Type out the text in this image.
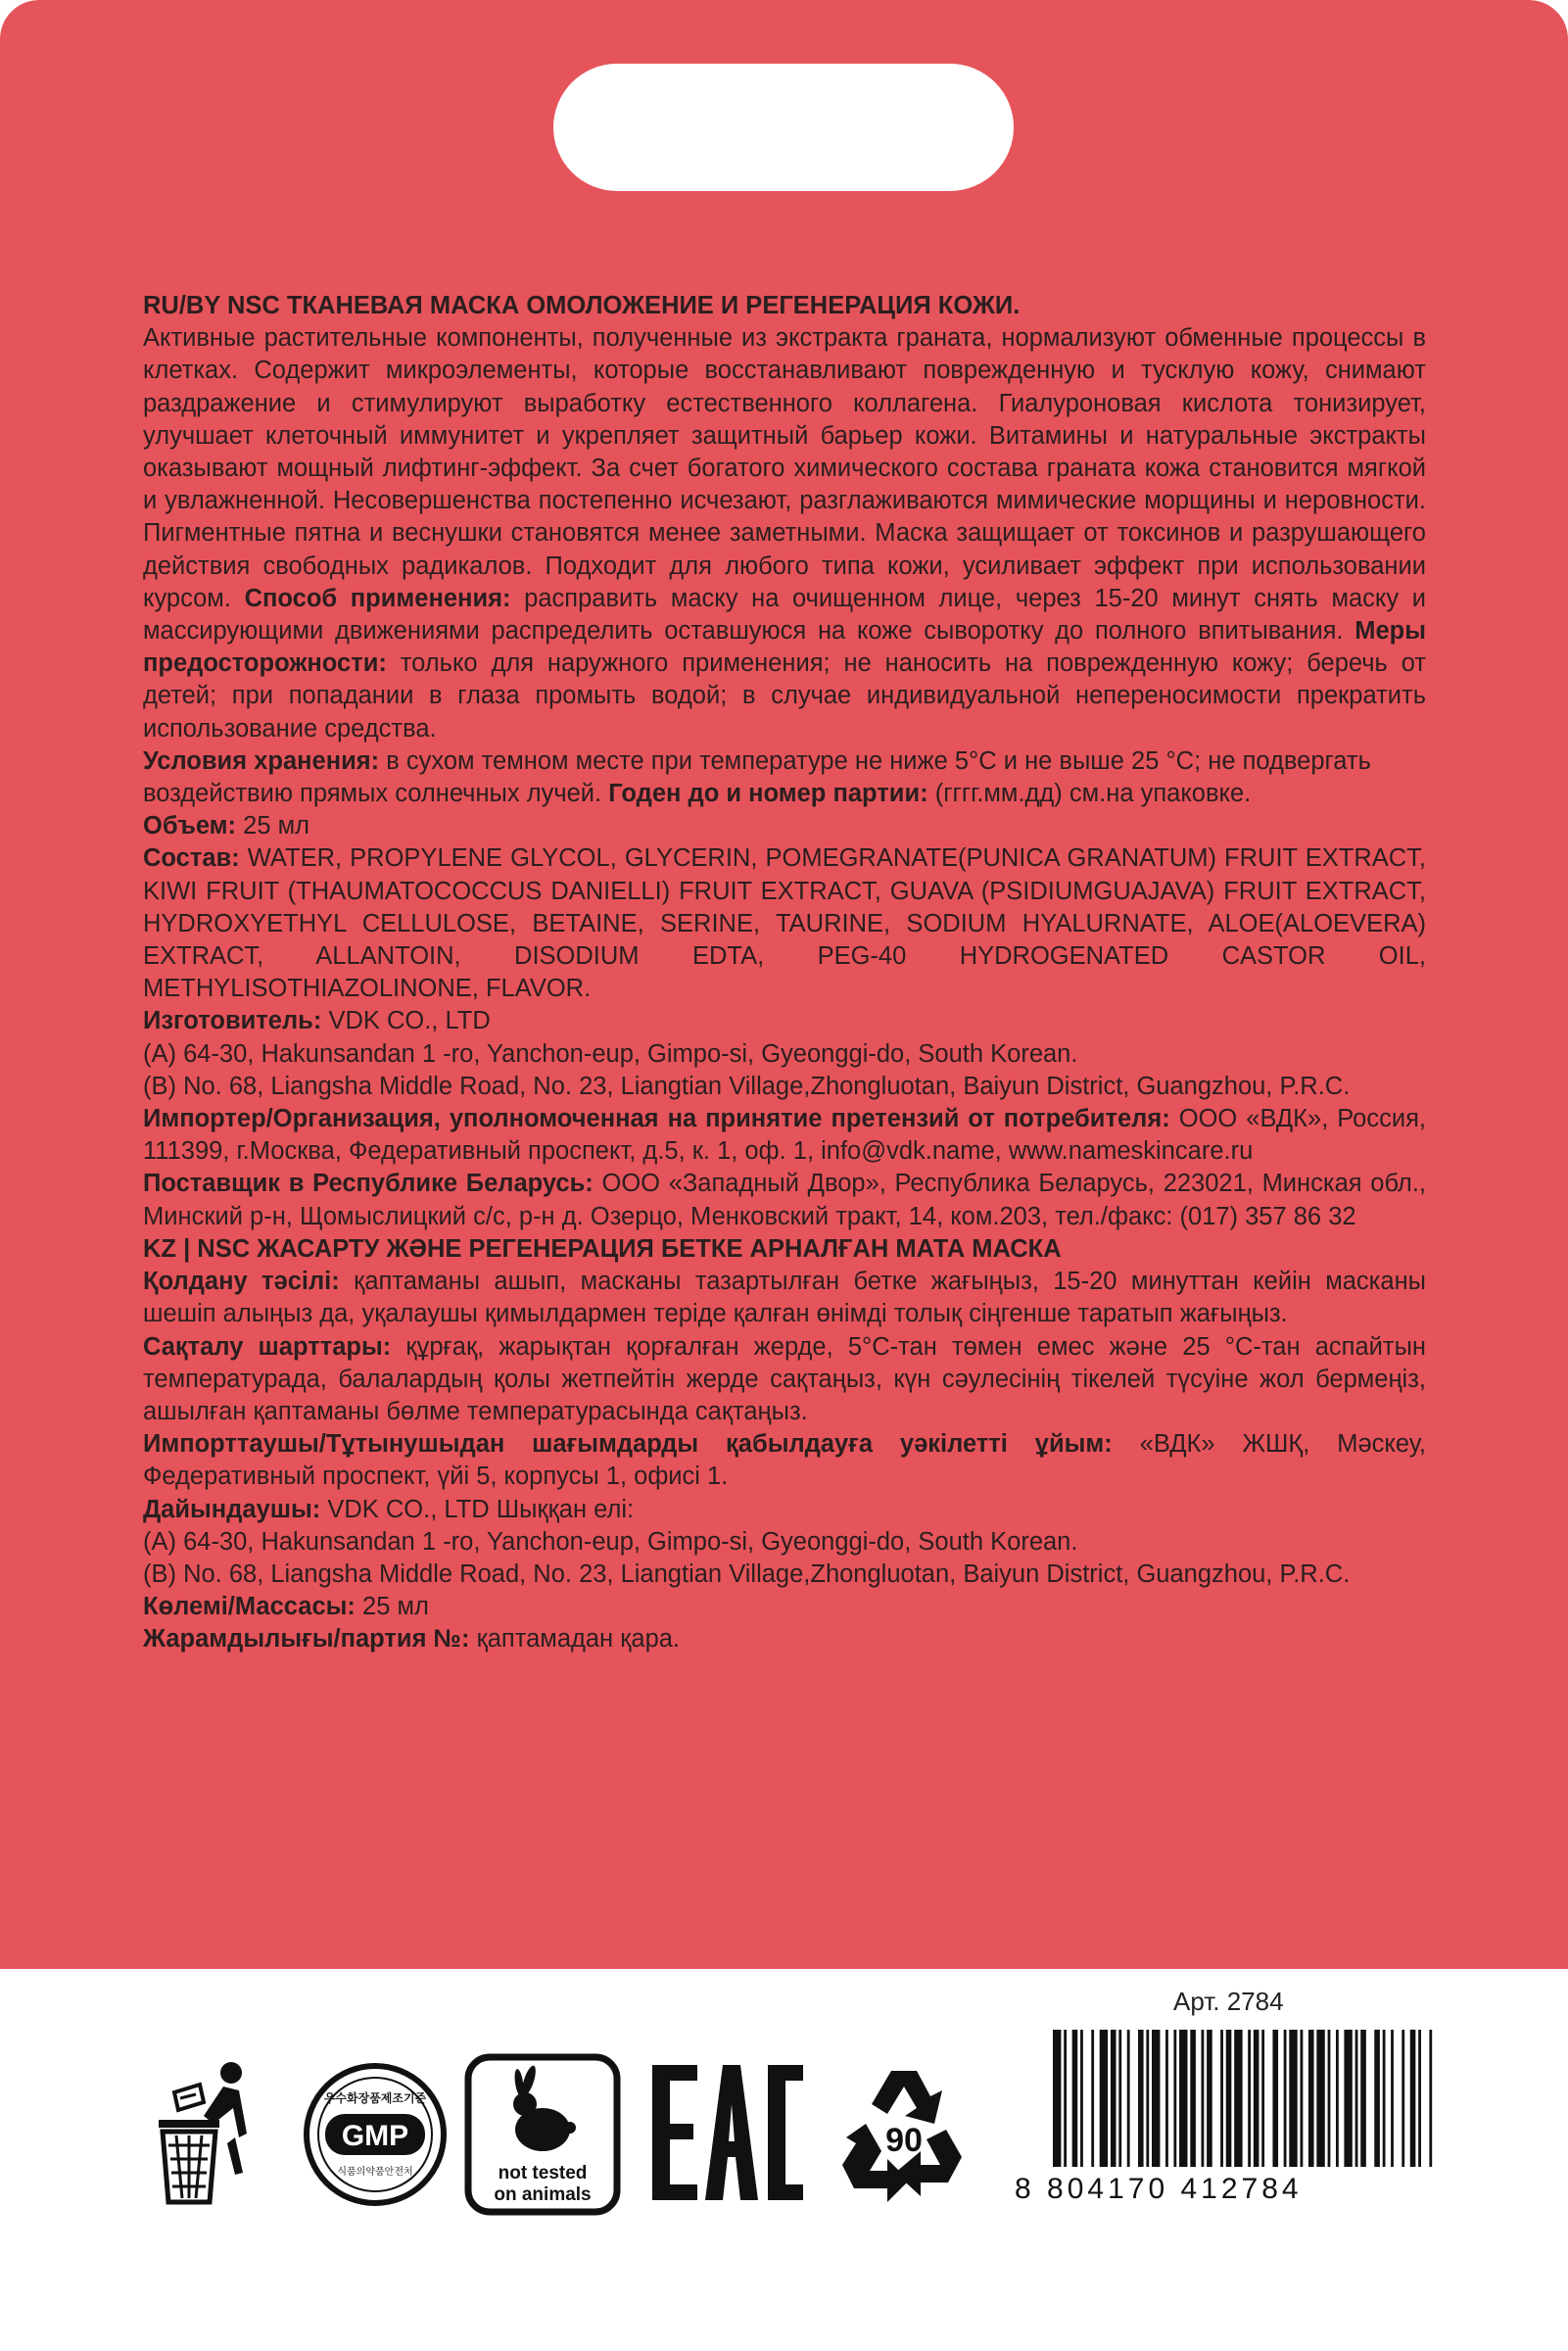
RU/BY NSC ТКАНЕВАЯ МАСКА ОМОЛОЖЕНИЕ И РЕГЕНЕРАЦИЯ КОЖИ.

Активные растительные компоненты, полученные из экстракта граната, нормализуют обменные процессы в клетках. Содержит микроэлементы, которые восстанавливают поврежденную и тусклую кожу, снимают раздражение и стимулируют выработку естественного коллагена. Гиалуроновая кислота тонизирует, улучшает клеточный иммунитет и укрепляет защитный барьер кожи. Витамины и натуральные экстракты оказывают мощный лифтинг-эффект. За счет богатого химического состава граната кожа становится мягкой и увлажненной. Несовершенства постепенно исчезают, разглаживаются мимические морщины и неровности. Пигментные пятна и веснушки становятся менее заметными. Маска защищает от токсинов и разрушающего действия свободных радикалов. Подходит для любого типа кожи, усиливает эффект при использовании курсом. Способ применения: расправить маску на очищенном лице, через 15-20 минут снять маску и массирующими движениями распределить оставшуюся на коже сыворотку до полного впитывания. Меры предосторожности: только для наружного применения; не наносить на поврежденную кожу; беречь от детей; при попадании в глаза промыть водой; в случае индивидуальной непереносимости прекратить использование средства.

Условия хранения: в сухом темном месте при температуре не ниже 5°С и не выше 25 °С; не подвергать воздействию прямых солнечных лучей. Годен до и номер партии: (гггг.мм.дд) см.на упаковке.

Объем: 25 мл

Состав: WATER, PROPYLENE GLYCOL, GLYCERIN, POMEGRANATE(PUNICA GRANATUM) FRUIT EXTRACT, KIWI FRUIT (THAUMATOCOCCUS DANIELLI) FRUIT EXTRACT, GUAVA (PSIDIUMGUAJAVA) FRUIT EXTRACT, HYDROXYETHYL CELLULOSE, BETAINE, SERINE, TAURINE, SODIUM HYALURNATE, ALOE(ALOEVERA) EXTRACT, ALLANTOIN, DISODIUM EDTA, PEG-40 HYDROGENATED CASTOR OIL, METHYLISOTHIAZOLINONE, FLAVOR.

Изготовитель: VDK CO., LTD

(A) 64-30, Hakunsandan 1 -ro, Yanchon-eup, Gimpo-si, Gyeonggi-do, South Korean.

(B) No. 68, Liangsha Middle Road, No. 23, Liangtian Village,Zhongluotan, Baiyun District, Guangzhou, P.R.C.

Импортер/Организация, уполномоченная на принятие претензий от потребителя: ООО «ВДК», Россия, 111399, г.Москва, Федеративный проспект, д.5, к. 1, оф. 1, info@vdk.name, www.nameskincare.ru

Поставщик в Республике Беларусь: ООО «Западный Двор», Республика Беларусь, 223021, Минская обл., Минский р-н, Щомыслицкий с/с, р-н д. Озерцо, Менковский тракт, 14, ком.203, тел./факс: (017) 357 86 32

KZ | NSC ЖАСАРТУ ЖӘНЕ РЕГЕНЕРАЦИЯ БЕТКЕ АРНАЛҒАН МАТА МАСКА

Қолдану тәсілі: қаптаманы ашып, масканы тазартылған бетке жағыңыз, 15-20 минуттан кейін масканы шешіп алыңыз да, уқалаушы қимылдармен теріде қалған өнімді толық сіңгенше таратып жағыңыз.

Сақталу шарттары: құрғақ, жарықтан қорғалған жерде, 5°С-тан төмен емес және 25 °С-тан аспайтын температурада, балалардың қолы жетпейтін жерде сақтаңыз, күн сәулесінің тікелей түсуіне жол бермеңіз, ашылған қаптаманы бөлме температурасында сақтаңыз.

Импорттаушы/Тұтынушыдан шағымдарды қабылдауға уәкілетті ұйым: «ВДК» ЖШҚ, Мәскеу, Федеративный проспект, үйі 5, корпусы 1, офисі 1.

Дайындаушы: VDK CO., LTD Шыққан елі:

(A) 64-30, Hakunsandan 1 -ro, Yanchon-eup, Gimpo-si, Gyeonggi-do, South Korean.

(B) No. 68, Liangsha Middle Road, No. 23, Liangtian Village,Zhongluotan, Baiyun District, Guangzhou, P.R.C.

Көлемі/Массасы: 25 мл

Жарамдылығы/партия №: қаптамадан қара.

GMP
우수화장품제조기준
식품의약품안전처	not tested
on animals
90
Арт. 2784
8 804170 412784
